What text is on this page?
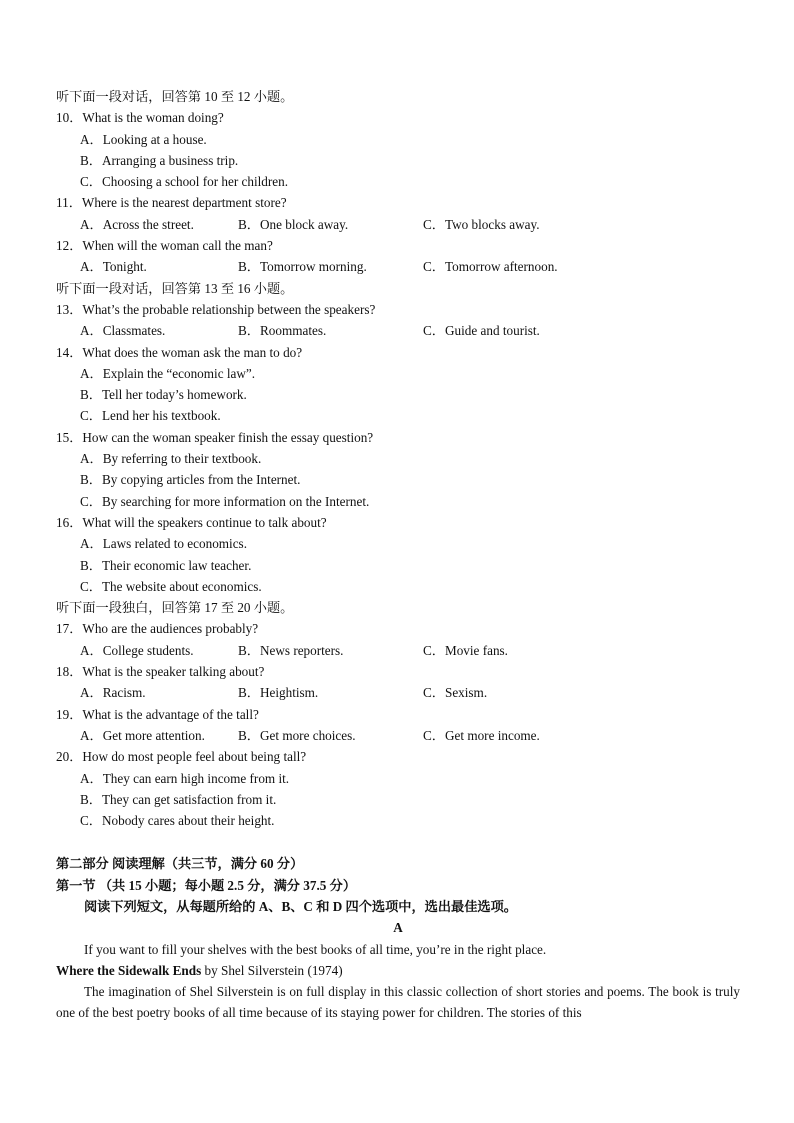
听下面一段对话，回答第 10 至 12 小题。
10．What is the woman doing?
A．Looking at a house.
B．Arranging a business trip.
C．Choosing a school for her children.
11．Where is the nearest department store?
A．Across the street.	B．One block away.	C．Two blocks away.
12．When will the woman call the man?
A．Tonight.	B．Tomorrow morning.	C．Tomorrow afternoon.
听下面一段对话，回答第 13 至 16 小题。
13．What’s the probable relationship between the speakers?
A．Classmates.	B．Roommates.	C．Guide and tourist.
14．What does the woman ask the man to do?
A．Explain the “economic law”.
B．Tell her today’s homework.
C．Lend her his textbook.
15．How can the woman speaker finish the essay question?
A．By referring to their textbook.
B．By copying articles from the Internet.
C．By searching for more information on the Internet.
16．What will the speakers continue to talk about?
A．Laws related to economics.
B．Their economic law teacher.
C．The website about economics.
听下面一段独白，回答第 17 至 20 小题。
17．Who are the audiences probably?
A．College students.	B．News reporters.	C．Movie fans.
18．What is the speaker talking about?
A．Racism.	B．Heightism.	C．Sexism.
19．What is the advantage of the tall?
A．Get more attention.	B．Get more choices.	C．Get more income.
20．How do most people feel about being tall?
A．They can earn high income from it.
B．They can get satisfaction from it.
C．Nobody cares about their height.
第二部分 阅读理解（共三节，满分 60 分）
第一节 （共 15 小题；每小题 2.5 分，满分 37.5 分）
阅读下列短文，从每题所给的 A、B、C 和 D 四个选项中，选出最佳选项。
A
If you want to fill your shelves with the best books of all time, you’re in the right place.
Where the Sidewalk Ends by Shel Silverstein (1974)
The imagination of Shel Silverstein is on full display in this classic collection of short stories and poems. The book is truly one of the best poetry books of all time because of its staying power for children. The stories of this
